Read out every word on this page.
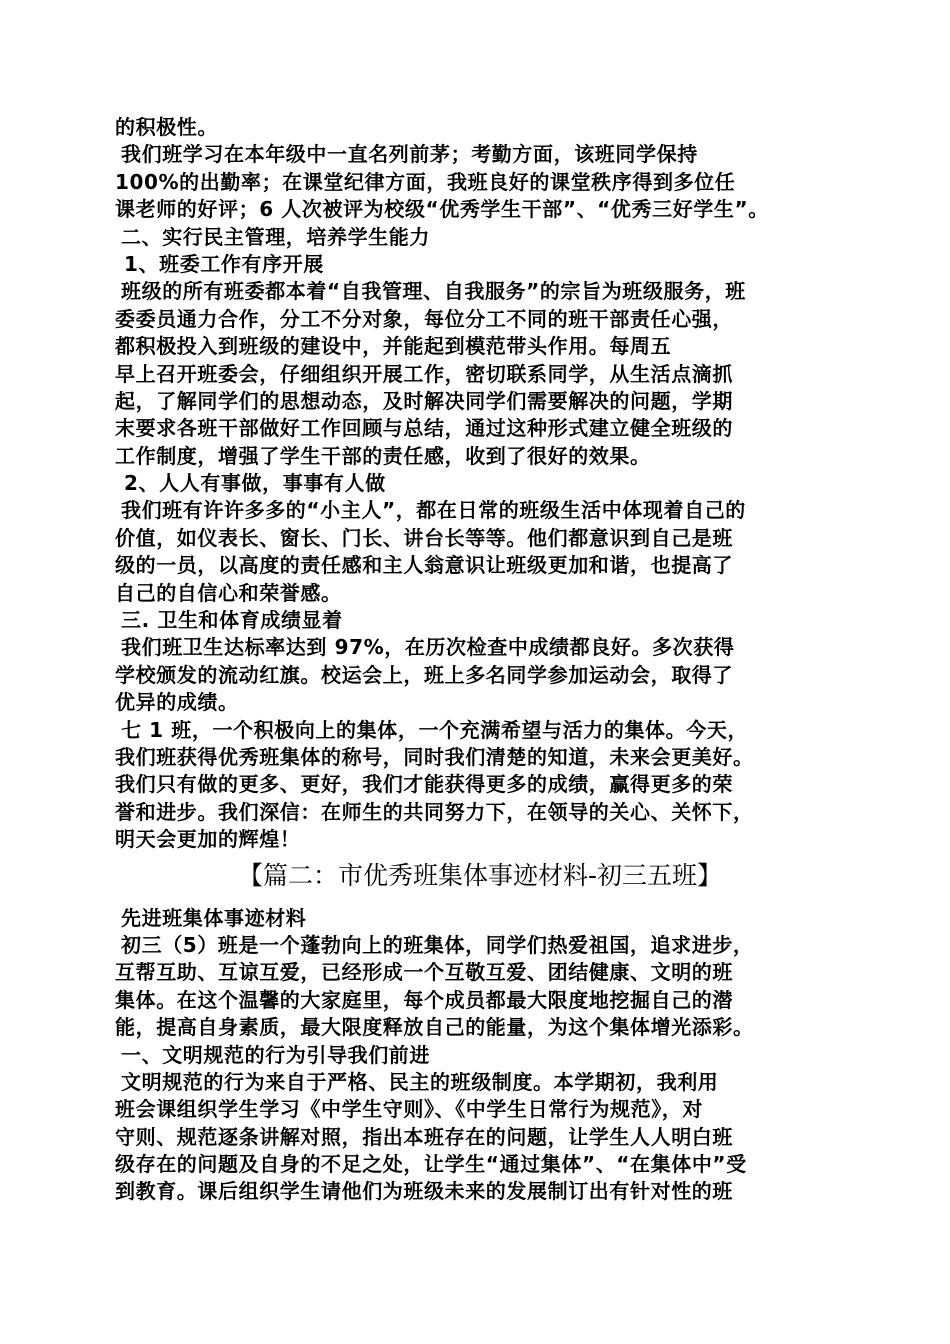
的积极性。
我们班学习在本年级中一直名列前茅；考勤方面，该班同学保持
100%的出勤率；在课堂纪律方面，我班良好的课堂秩序得到多位任
课老师的好评；6 人次被评为校级“优秀学生干部”、“优秀三好学生”。
二、实行民主管理，培养学生能力
1、班委工作有序开展
班级的所有班委都本着“自我管理、自我服务”的宗旨为班级服务，班
委委员通力合作，分工不分对象，每位分工不同的班干部责任心强，
都积极投入到班级的建设中，并能起到模范带头作用。每周五
早上召开班委会，仔细组织开展工作，密切联系同学，从生活点滴抓
起，了解同学们的思想动态，及时解决同学们需要解决的问题，学期
末要求各班干部做好工作回顾与总结，通过这种形式建立健全班级的
工作制度，增强了学生干部的责任感，收到了很好的效果。
2、人人有事做，事事有人做
我们班有许许多多的“小主人”，都在日常的班级生活中体现着自己的
价值，如仪表长、窗长、门长、讲台长等等。他们都意识到自己是班
级的一员，以高度的责任感和主人翁意识让班级更加和谐，也提高了
自己的自信心和荣誉感。
三. 卫生和体育成绩显着
我们班卫生达标率达到 97%，在历次检查中成绩都良好。多次获得
学校颁发的流动红旗。校运会上，班上多名同学参加运动会，取得了
优异的成绩。
七 1 班，一个积极向上的集体，一个充满希望与活力的集体。今天，
我们班获得优秀班集体的称号，同时我们清楚的知道，未来会更美好。
我们只有做的更多、更好，我们才能获得更多的成绩，赢得更多的荣
誉和进步。我们深信：在师生的共同努力下，在领导的关心、关怀下，
明天会更加的辉煌！
【篇二：市优秀班集体事迹材料-初三五班】
先进班集体事迹材料
初三（5）班是一个蓬勃向上的班集体，同学们热爱祖国，追求进步，
互帮互助、互谅互爱，已经形成一个互敬互爱、团结健康、文明的班
集体。在这个温馨的大家庭里，每个成员都最大限度地挖掘自己的潜
能，提高自身素质，最大限度释放自己的能量，为这个集体增光添彩。
一、文明规范的行为引导我们前进
文明规范的行为来自于严格、民主的班级制度。本学期初，我利用
班会课组织学生学习《中学生守则》、《中学生日常行为规范》，对
守则、规范逐条讲解对照，指出本班存在的问题，让学生人人明白班
级存在的问题及自身的不足之处，让学生“通过集体”、“在集体中”受
到教育。课后组织学生请他们为班级未来的发展制订出有针对性的班
